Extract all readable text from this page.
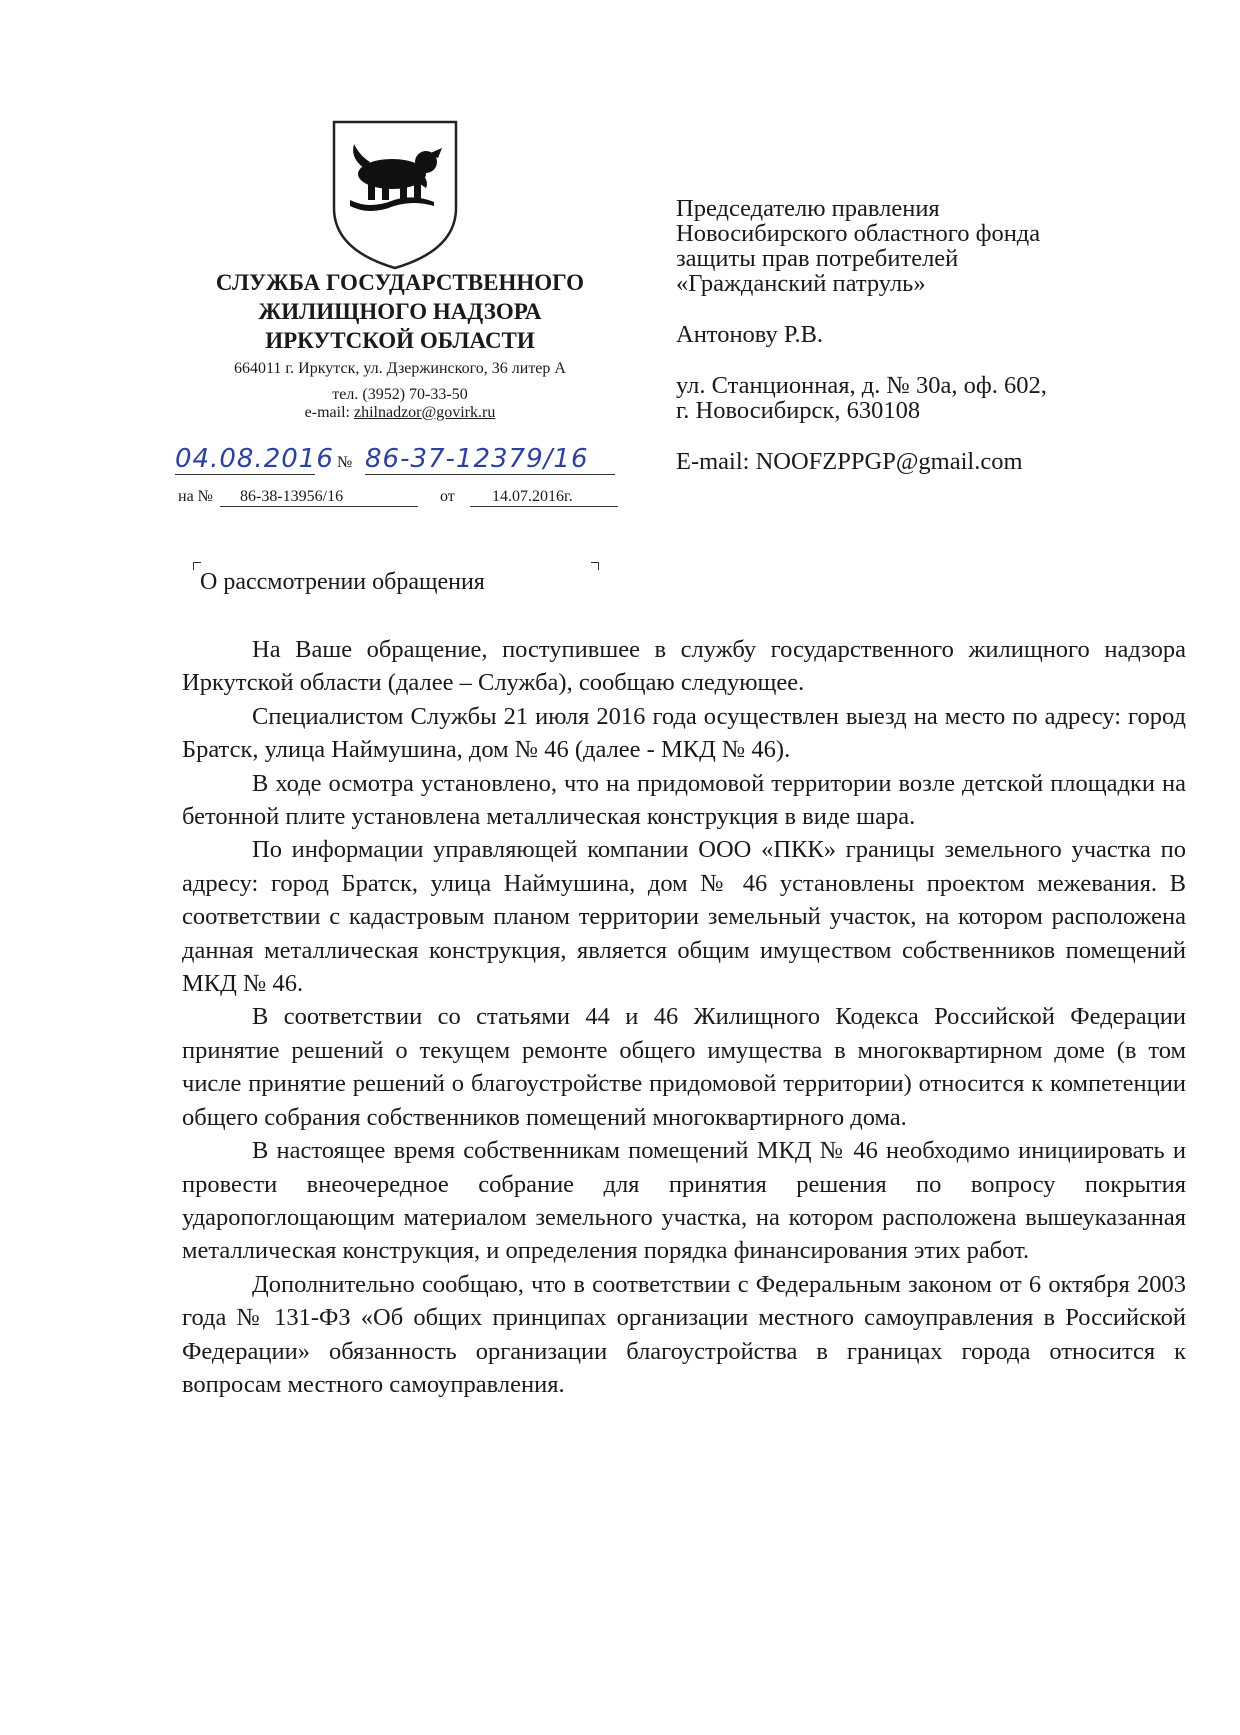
СЛУЖБА ГОСУДАРСТВЕННОГО
ЖИЛИЩНОГО НАДЗОРА
ИРКУТСКОЙ ОБЛАСТИ
664011 г. Иркутск, ул. Дзержинского, 36 литер А
тел. (3952) 70-33-50
e-mail: zhilnadzor@govirk.ru
04.08.2016 № 86-37-12379/16
на №	86-38-13956/16	от	14.07.2016г.
Председателю правления
Новосибирского областного фонда
защиты прав потребителей
«Гражданский патруль»
Антонову Р.В.
ул. Станционная, д. № 30а, оф. 602,
г. Новосибирск, 630108
E-mail: NOOFZPPGP@gmail.com
О рассмотрении обращения

На Ваше обращение, поступившее в службу государственного жилищного надзора Иркутской области (далее – Служба), сообщаю следующее.

Специалистом Службы 21 июля 2016 года осуществлен выезд на место по адресу: город Братск, улица Наймушина, дом № 46 (далее - МКД № 46).

В ходе осмотра установлено, что на придомовой территории возле детской площадки на бетонной плите установлена металлическая конструкция в виде шара.

По информации управляющей компании ООО «ПКК» границы земельного участка по адресу: город Братск, улица Наймушина, дом № 46 установлены проектом межевания. В соответствии с кадастровым планом территории земельный участок, на котором расположена данная металлическая конструкция, является общим имуществом собственников помещений МКД № 46.

В соответствии со статьями 44 и 46 Жилищного Кодекса Российской Федерации принятие решений о текущем ремонте общего имущества в многоквартирном доме (в том числе принятие решений о благоустройстве придомовой территории) относится к компетенции общего собрания собственников помещений многоквартирного дома.

В настоящее время собственникам помещений МКД № 46 необходимо инициировать и провести внеочередное собрание для принятия решения по вопросу покрытия ударопоглощающим материалом земельного участка, на котором расположена вышеуказанная металлическая конструкция, и определения порядка финансирования этих работ.

Дополнительно сообщаю, что в соответствии с Федеральным законом от 6 октября 2003 года № 131-ФЗ «Об общих принципах организации местного самоуправления в Российской Федерации» обязанность организации благоустройства в границах города относится к вопросам местного самоуправления.
